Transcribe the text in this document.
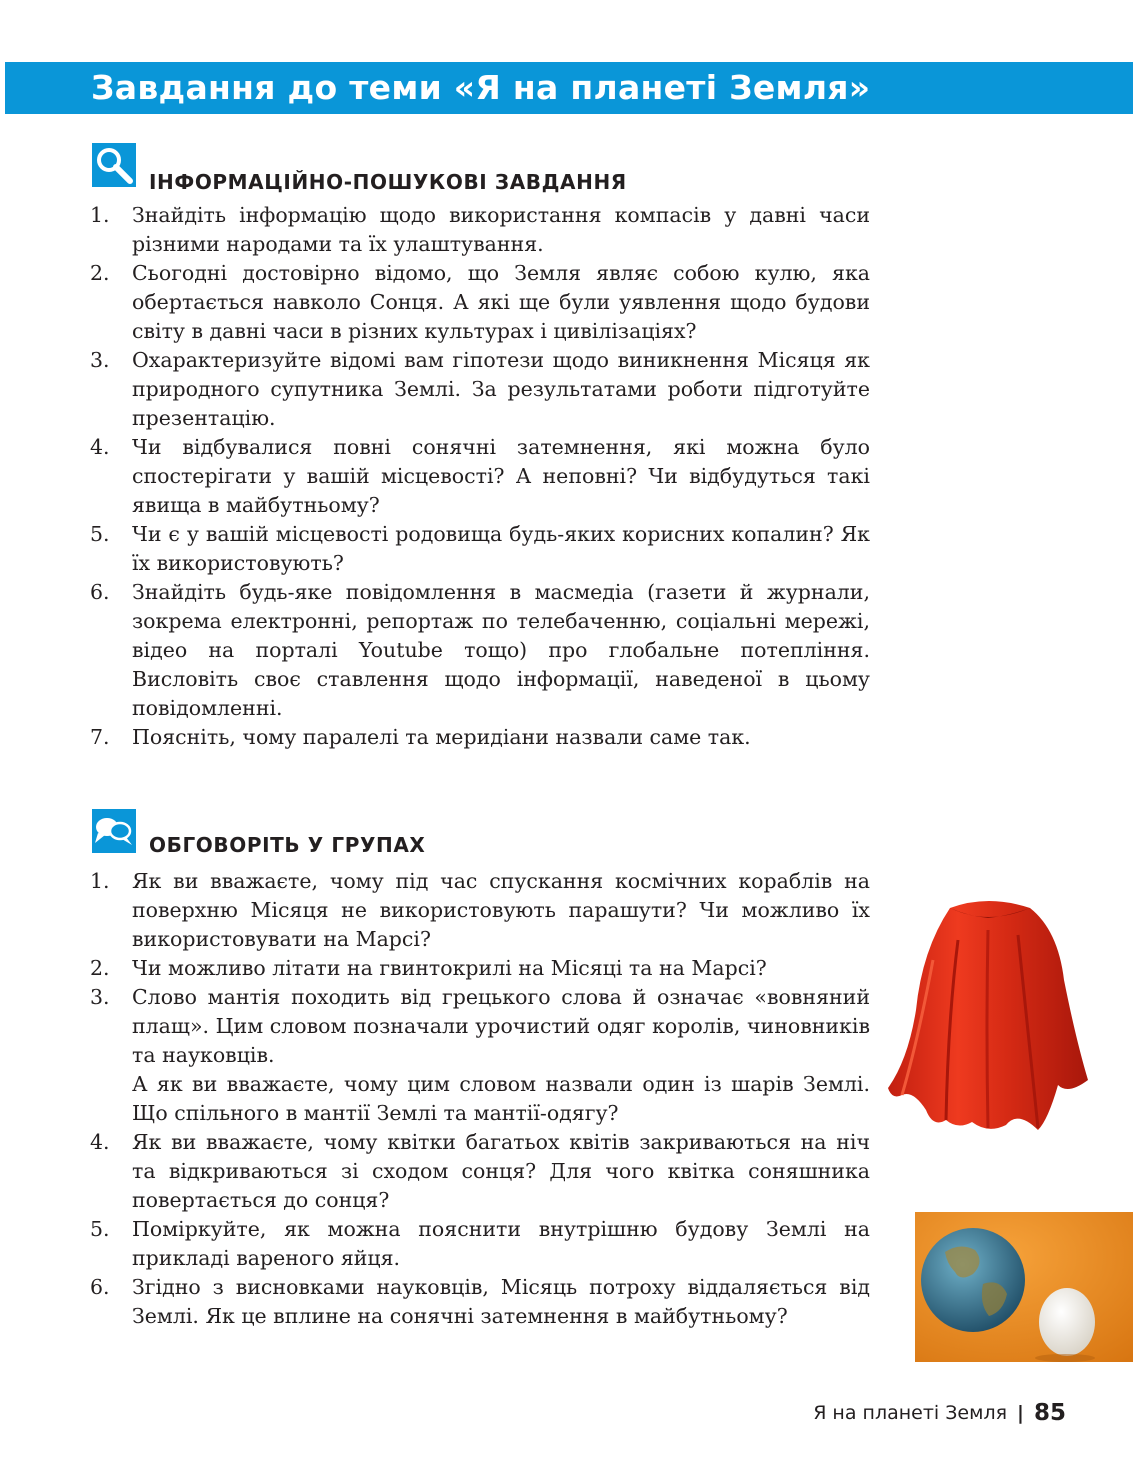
Завдання до теми «Я на планеті Земля»
ІНФОРМАЦІЙНО-ПОШУКОВІ ЗАВДАННЯ
1.	Знайдіть інформацію щодо використання компасів у давні часи різними народами та їх улаштування.
2.	Сьогодні достовірно відомо, що Земля являє собою кулю, яка обертається навколо Сонця. А які ще були уявлення щодо будови світу в давні часи в різних культурах і цивілізаціях?
3.	Охарактеризуйте відомі вам гіпотези щодо виникнення Місяця як природного супутника Землі. За результатами роботи підготуйте презентацію.
4.	Чи відбувалися повні сонячні затемнення, які можна було спостерігати у вашій місцевості? А неповні? Чи відбудуться такі явища в майбутньому?
5.	Чи є у вашій місцевості родовища будь-яких корисних копалин? Як їх використовують?
6.	Знайдіть будь-яке повідомлення в масмедіа (газети й журнали, зокрема електронні, репортаж по телебаченню, соціальні мережі, відео на порталі Youtube тощо) про глобальне потепління. Висловіть своє ставлення щодо інформації, наведеної в цьому повідомленні.
7.	Поясніть, чому паралелі та меридіани назвали саме так.
ОБГОВОРІТЬ У ГРУПАХ
1.	Як ви вважаєте, чому під час спускання космічних кораблів на поверхню Місяця не використовують парашути? Чи можливо їх використовувати на Марсі?
2.	Чи можливо літати на гвинтокрилі на Місяці та на Марсі?
3.	Слово мантія походить від грецького слова й означає «вовняний плащ». Цим словом позначали урочистий одяг королів, чиновників та науковців.
А як ви вважаєте, чому цим словом назвали один із шарів Землі. Що спільного в мантії Землі та мантії-одягу?
4.	Як ви вважаєте, чому квітки багатьох квітів закриваються на ніч та відкриваються зі сходом сонця? Для чого квітка соняшника повертається до сонця?
5.	Поміркуйте, як можна пояснити внутрішню будову Землі на прикладі вареного яйця.
6.	Згідно з висновками науковців, Місяць потроху віддаляється від Землі. Як це вплине на сонячні затемнення в майбутньому?
Я на планеті Земля | 85
